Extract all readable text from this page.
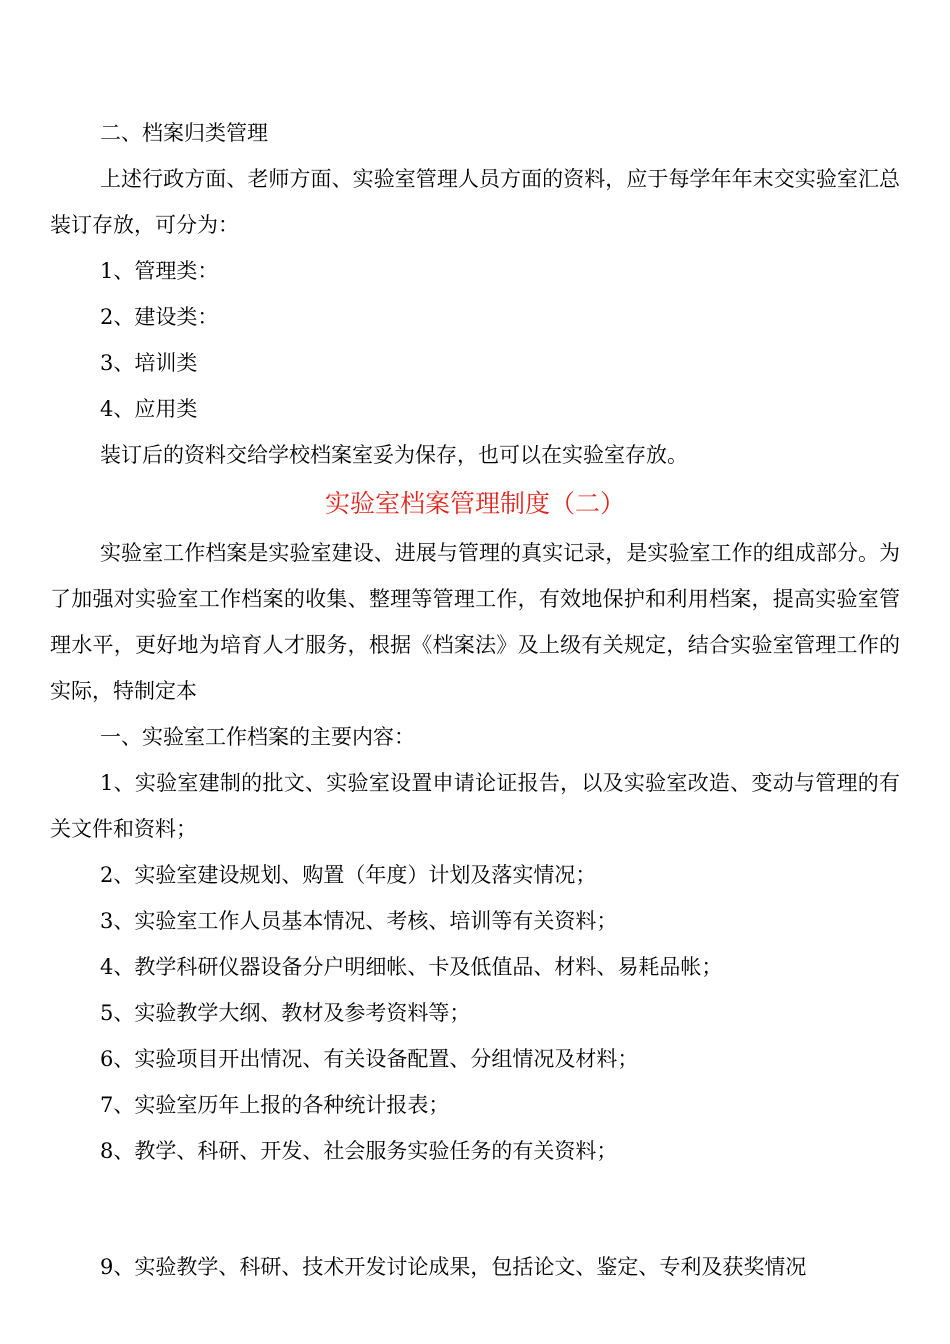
二、档案归类管理
上述行政方面、老师方面、实验室管理人员方面的资料，应于每学年年末交实验室汇总装订存放，可分为：
1、管理类：
2、建设类：
3、培训类
4、应用类
装订后的资料交给学校档案室妥为保存，也可以在实验室存放。
实验室档案管理制度（二）
实验室工作档案是实验室建设、进展与管理的真实记录，是实验室工作的组成部分。为了加强对实验室工作档案的收集、整理等管理工作，有效地保护和利用档案，提高实验室管理水平，更好地为培育人才服务，根据《档案法》及上级有关规定，结合实验室管理工作的实际，特制定本
一、实验室工作档案的主要内容：
1、实验室建制的批文、实验室设置申请论证报告，以及实验室改造、变动与管理的有关文件和资料；
2、实验室建设规划、购置（年度）计划及落实情况；
3、实验室工作人员基本情况、考核、培训等有关资料；
4、教学科研仪器设备分户明细帐、卡及低值品、材料、易耗品帐；
5、实验教学大纲、教材及参考资料等；
6、实验项目开出情况、有关设备配置、分组情况及材料；
7、实验室历年上报的各种统计报表；
8、教学、科研、开发、社会服务实验任务的有关资料；
9、实验教学、科研、技术开发讨论成果，包括论文、鉴定、专利及获奖情况
